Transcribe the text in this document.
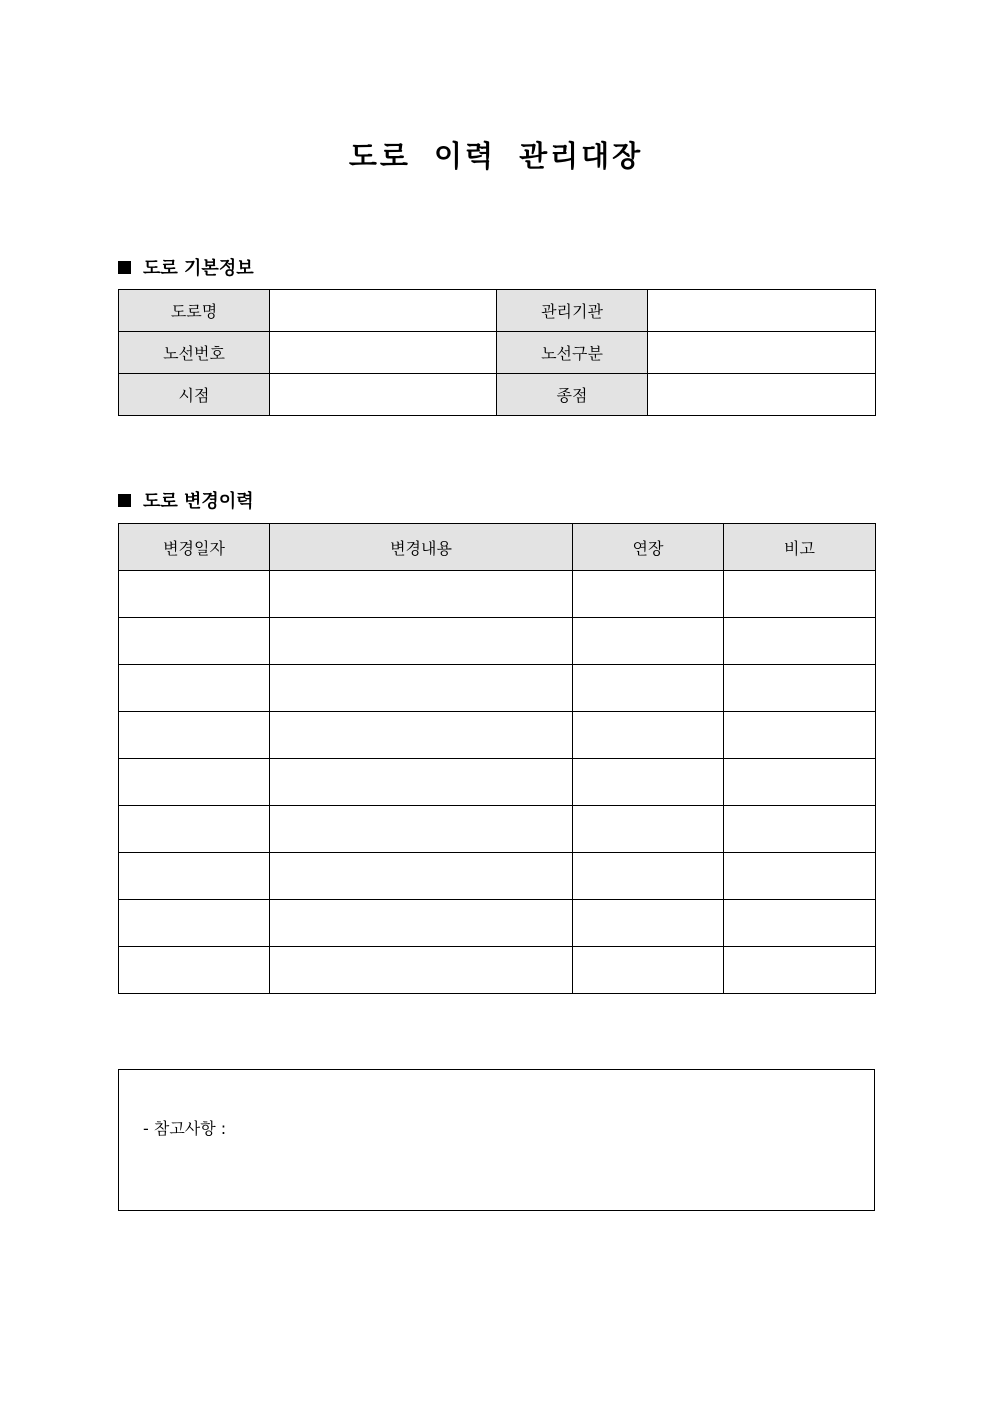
도로 이력 관리대장
도로 기본정보
도로명		관리기관	
노선번호		노선구분	
시점		종점	
도로 변경이력
변경일자	변경내용	연장	비고

- 참고사항 :
